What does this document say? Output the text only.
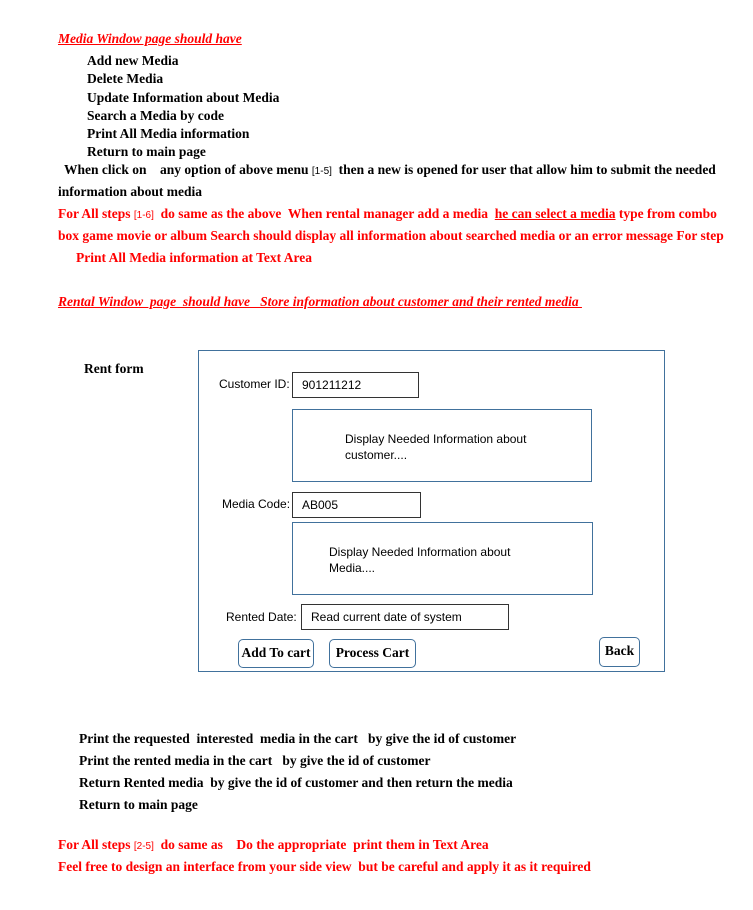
Media Window page should have
Add new Media
Delete Media
Update Information about Media
Search a Media by code
Print All Media information
Return to main page
When click on    any option of above menu [1-5]  then a new is opened for user that allow him to submit the needed
information about media
For All steps [1-6]  do same as the above  When rental manager add a media  he can select a media type from combo
box game movie or album Search should display all information about searched media or an error message For step
Print All Media information at Text Area
Rental Window  page  should have   Store information about customer and their rented media
Rent form
Customer ID:	901211212
Display Needed Information about
customer....
Media Code: AB005
Display Needed Information about
Media....
Rented Date:	Read current date of system
Add To cart	Process Cart	Back
Print the requested  interested  media in the cart   by give the id of customer
Print the rented media in the cart   by give the id of customer
Return Rented media  by give the id of customer and then return the media
Return to main page
For All steps [2-5]  do same as    Do the appropriate  print them in Text Area
Feel free to design an interface from your side view  but be careful and apply it as it required
